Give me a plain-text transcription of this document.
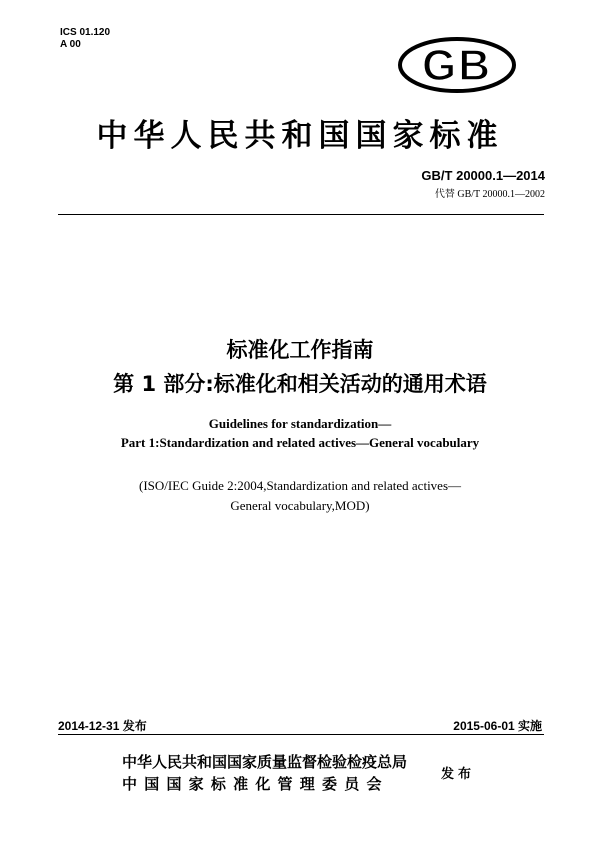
ICS 01.120
A 00	GB
中华人民共和国国家标准
GB/T 20000.1—2014
代替 GB/T 20000.1—2002
标准化工作指南
第 1 部分:标准化和相关活动的通用术语
Guidelines for standardization—
Part 1:Standardization and related actives—General vocabulary
(ISO/IEC Guide 2:2004,Standardization and related actives—
General vocabulary,MOD)
2014-12-31 发布	2015-06-01 实施
中华人民共和国国家质量监督检验检疫总局
中 国 国 家 标 准 化 管 理 委 员 会
发布
